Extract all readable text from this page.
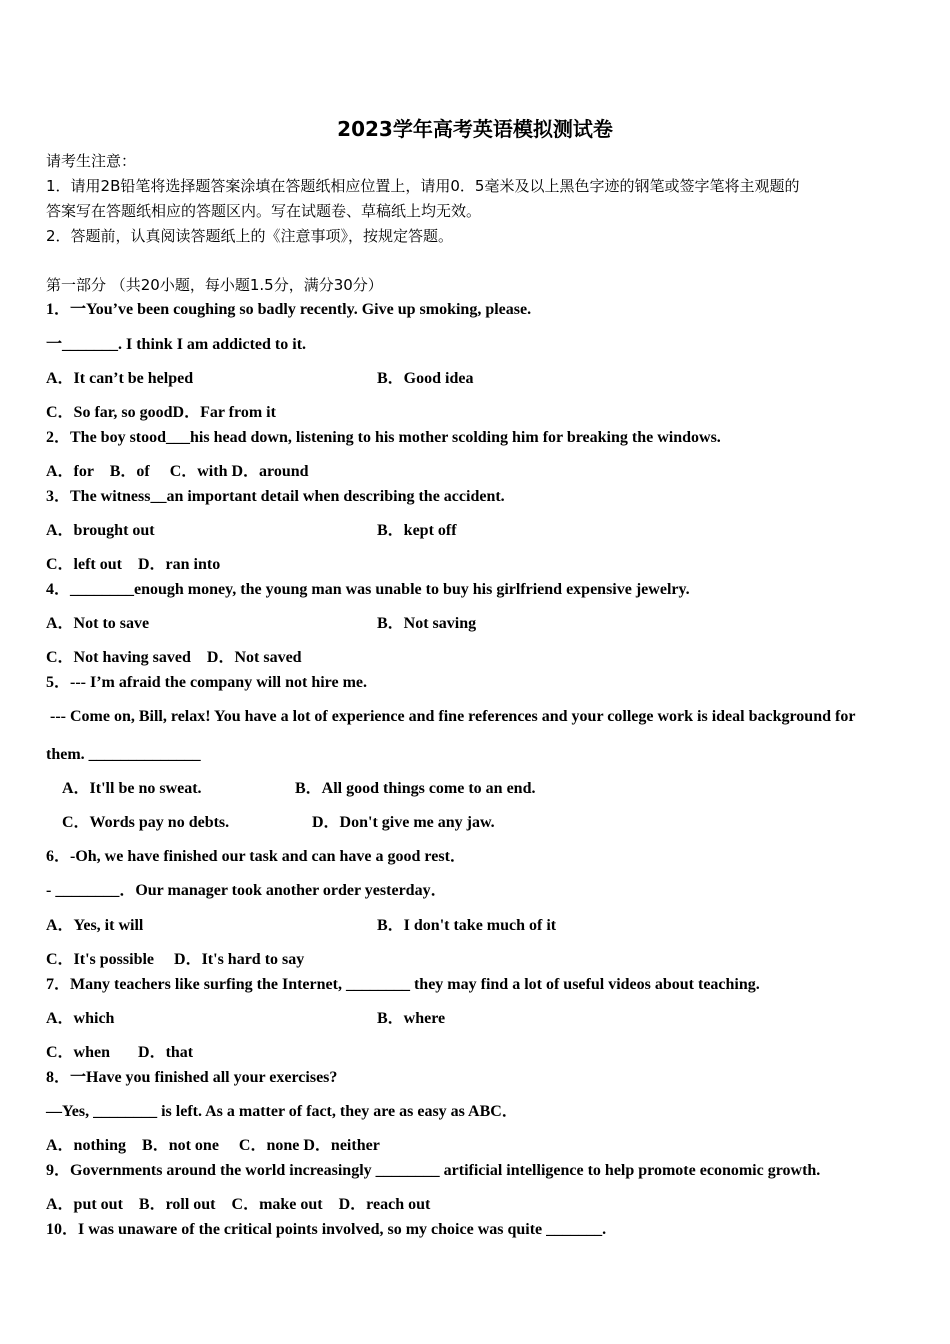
2023学年高考英语模拟测试卷
请考生注意：
1．请用2B铅笔将选择题答案涂填在答题纸相应位置上，请用0．5毫米及以上黑色字迹的钢笔或签字笔将主观题的
答案写在答题纸相应的答题区内。写在试题卷、草稿纸上均无效。
2．答题前，认真阅读答题纸上的《注意事项》，按规定答题。
第一部分 （共20小题，每小题1.5分，满分30分）
1．一You’ve been coughing so badly recently. Give up smoking, please.
一_______. I think I am addicted to it.
A．It can’t be helped	B．Good idea
C．So far, so goodD．Far from it
2．The boy stood___his head down, listening to his mother scolding him for breaking the windows.
A．for    B．of     C．with D．around
3．The witness__an important detail when describing the accident.
A．brought out	B．kept off
C．left out    D．ran into
4．________enough money, the young man was unable to buy his girlfriend expensive jewelry.
A．Not to save	B．Not saving
C．Not having saved    D．Not saved
5．--- I’m afraid the company will not hire me.
--- Come on, Bill, relax! You have a lot of experience and fine references and your college work is ideal background for
them. ______________
A．It'll be no sweat.	B．All good things come to an end.
C．Words pay no debts.	D．Don't give me any jaw.
6．-Oh, we have finished our task and can have a good rest．
- ________．Our manager took another order yesterday．
A．Yes, it will	B．I don't take much of it
C．It's possible     D．It's hard to say
7．Many teachers like surfing the Internet, ________ they may find a lot of useful videos about teaching.
A．which	B．where
C．when       D．that
8．一Have you finished all your exercises?
—Yes, ________ is left. As a matter of fact, they are as easy as ABC．
A．nothing    B．not one     C．none D．neither
9．Governments around the world increasingly ________ artificial intelligence to help promote economic growth.
A．put out    B．roll out    C．make out    D．reach out
10．I was unaware of the critical points involved, so my choice was quite _______.
